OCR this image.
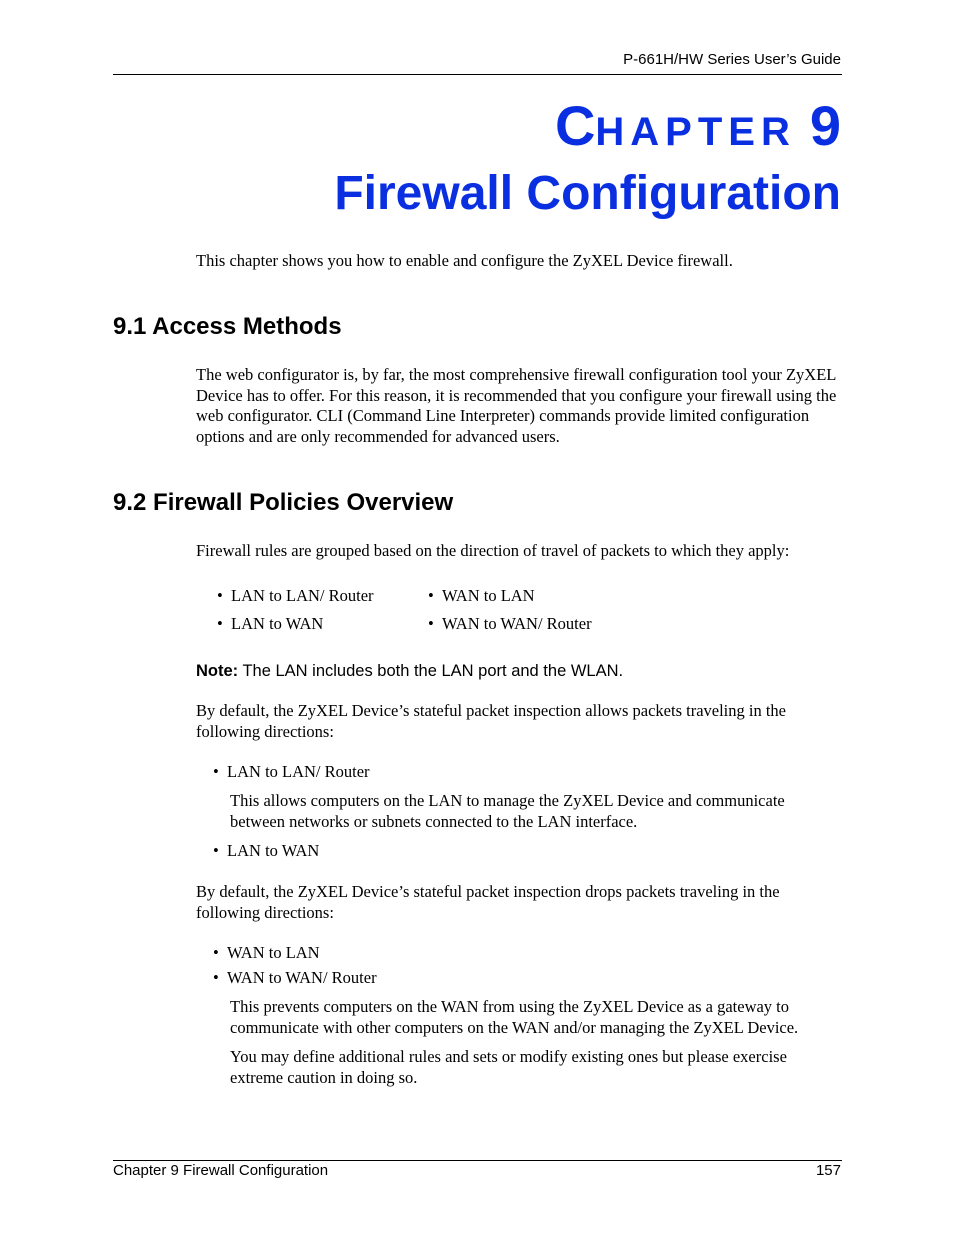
P-661H/HW Series User’s Guide
CHAPTER 9
Firewall Configuration
This chapter shows you how to enable and configure the ZyXEL Device firewall.
9.1 Access Methods
The web configurator is, by far, the most comprehensive firewall configuration tool your ZyXEL Device has to offer. For this reason, it is recommended that you configure your firewall using the web configurator. CLI (Command Line Interpreter) commands provide limited configuration options and are only recommended for advanced users.
9.2 Firewall Policies Overview
Firewall rules are grouped based on the direction of travel of packets to which they apply:
• LAN to LAN/ Router	• WAN to LAN
• LAN to WAN	• WAN to WAN/ Router
Note: The LAN includes both the LAN port and the WLAN.
By default, the ZyXEL Device’s stateful packet inspection allows packets traveling in the following directions:
• LAN to LAN/ Router
This allows computers on the LAN to manage the ZyXEL Device and communicate between networks or subnets connected to the LAN interface.
• LAN to WAN
By default, the ZyXEL Device’s stateful packet inspection drops packets traveling in the following directions:
• WAN to LAN
• WAN to WAN/ Router
This prevents computers on the WAN from using the ZyXEL Device as a gateway to communicate with other computers on the WAN and/or managing the ZyXEL Device.
You may define additional rules and sets or modify existing ones but please exercise extreme caution in doing so.
Chapter 9 Firewall Configuration	157
